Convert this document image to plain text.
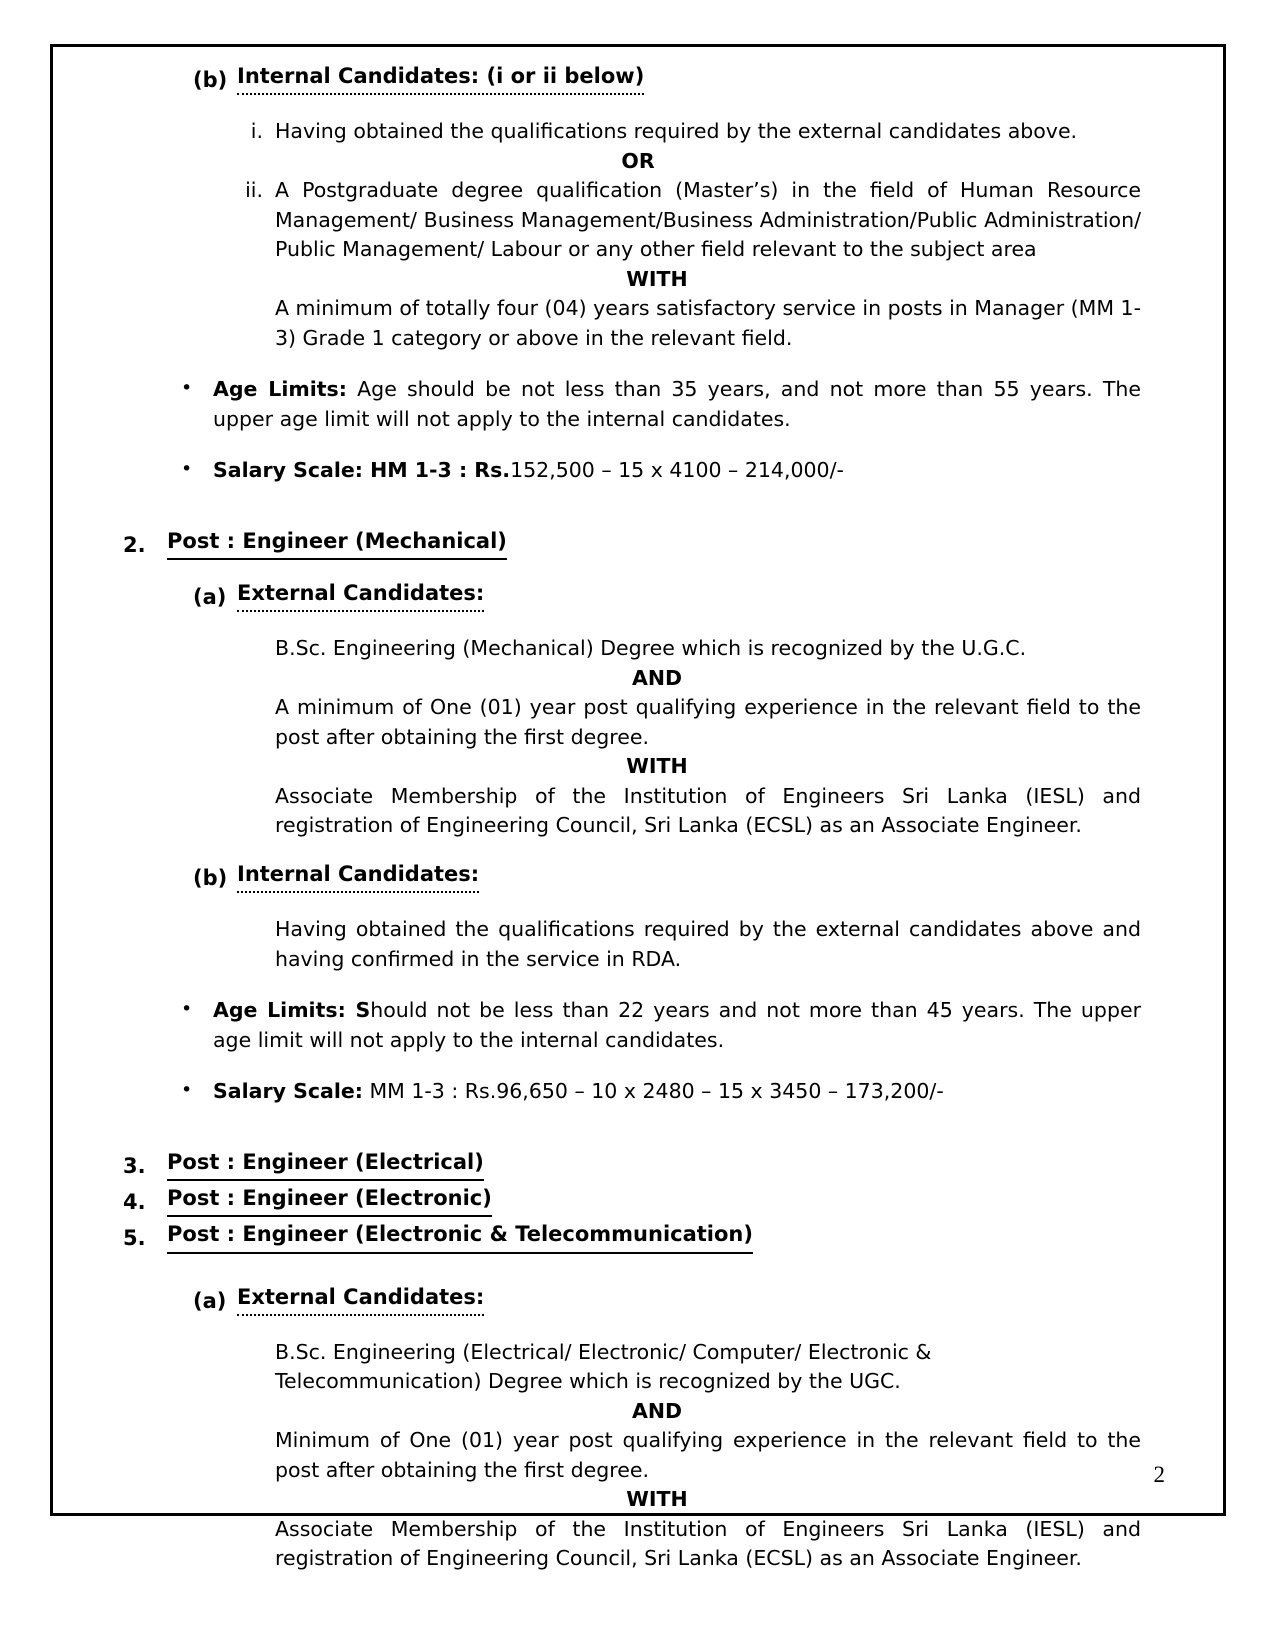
(b) Internal Candidates: (i or ii below)
i. Having obtained the qualifications required by the external candidates above.
OR
ii. A Postgraduate degree qualification (Master’s) in the field of Human Resource Management/ Business Management/Business Administration/Public Administration/ Public Management/ Labour or any other field relevant to the subject area
WITH
A minimum of totally four (04) years satisfactory service in posts in Manager (MM 1-3) Grade 1 category or above in the relevant field.
•	Age Limits: Age should be not less than 35 years, and not more than 55 years. The upper age limit will not apply to the internal candidates.
•	Salary Scale: HM 1-3 : Rs.152,500 – 15 x 4100 – 214,000/-
2.	Post : Engineer (Mechanical)
(a) External Candidates:
B.Sc. Engineering (Mechanical) Degree which is recognized by the U.G.C.
AND
A minimum of One (01) year post qualifying experience in the relevant field to the post after obtaining the first degree.
WITH
Associate Membership of the Institution of Engineers Sri Lanka (IESL) and registration of Engineering Council, Sri Lanka (ECSL) as an Associate Engineer.
(b) Internal Candidates:
Having obtained the qualifications required by the external candidates above and having confirmed in the service in RDA.
•	Age Limits: Should not be less than 22 years and not more than 45 years. The upper age limit will not apply to the internal candidates.
•	Salary Scale: MM 1-3 : Rs.96,650 – 10 x 2480 – 15 x 3450 – 173,200/-
3.	Post : Engineer (Electrical)
4.	Post : Engineer (Electronic)
5.	Post : Engineer (Electronic & Telecommunication)
(a) External Candidates:
B.Sc. Engineering (Electrical/ Electronic/ Computer/ Electronic & Telecommunication) Degree which is recognized by the UGC.
AND
Minimum of One (01) year post qualifying experience in the relevant field to the post after obtaining the first degree.
WITH
Associate Membership of the Institution of Engineers Sri Lanka (IESL) and registration of Engineering Council, Sri Lanka (ECSL) as an Associate Engineer.
2
